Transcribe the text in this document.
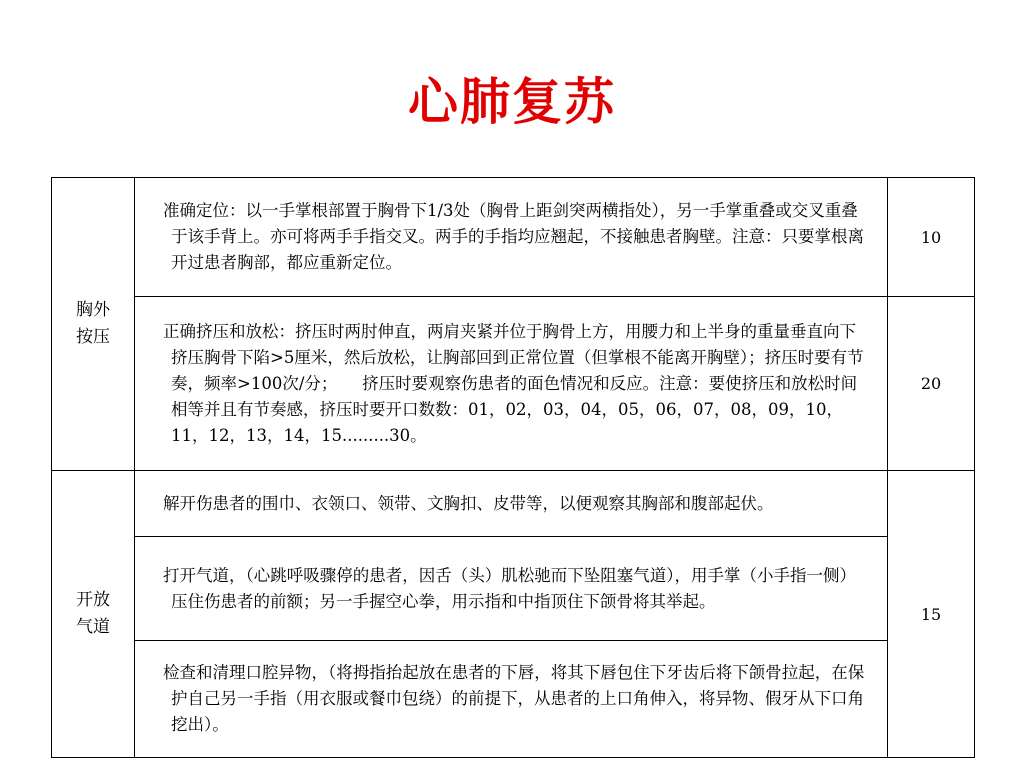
心肺复苏
胸外
按压	准确定位：以一手掌根部置于胸骨下1/3处（胸骨上距剑突两横指处），另一手掌重叠或交叉重叠于该手背上。亦可将两手手指交叉。两手的手指均应翘起，不接触患者胸壁。注意：只要掌根离开过患者胸部，都应重新定位。	10

	正确挤压和放松：挤压时两肘伸直，两肩夹紧并位于胸骨上方，用腰力和上半身的重量垂直向下挤压胸骨下陷>5厘米，然后放松，让胸部回到正常位置（但掌根不能离开胸壁）；挤压时要有节奏，频率>100次/分；　　挤压时要观察伤患者的面色情况和反应。注意：要使挤压和放松时间相等并且有节奏感，挤压时要开口数数：01，02，03，04，05，06，07，08，09，10，11，12，13，14，15.........30。	20

开放
气道	解开伤患者的围巾、衣领口、领带、文胸扣、皮带等，以便观察其胸部和腹部起伏。	15

	打开气道，（心跳呼吸骤停的患者，因舌（头）肌松驰而下坠阻塞气道），用手掌（小手指一侧）压住伤患者的前额；另一手握空心拳，用示指和中指顶住下颌骨将其举起。	

	检查和清理口腔异物，（将拇指抬起放在患者的下唇，将其下唇包住下牙齿后将下颌骨拉起，在保护自己另一手指（用衣服或餐巾包绕）的前提下，从患者的上口角伸入，将异物、假牙从下口角挖出）。	
